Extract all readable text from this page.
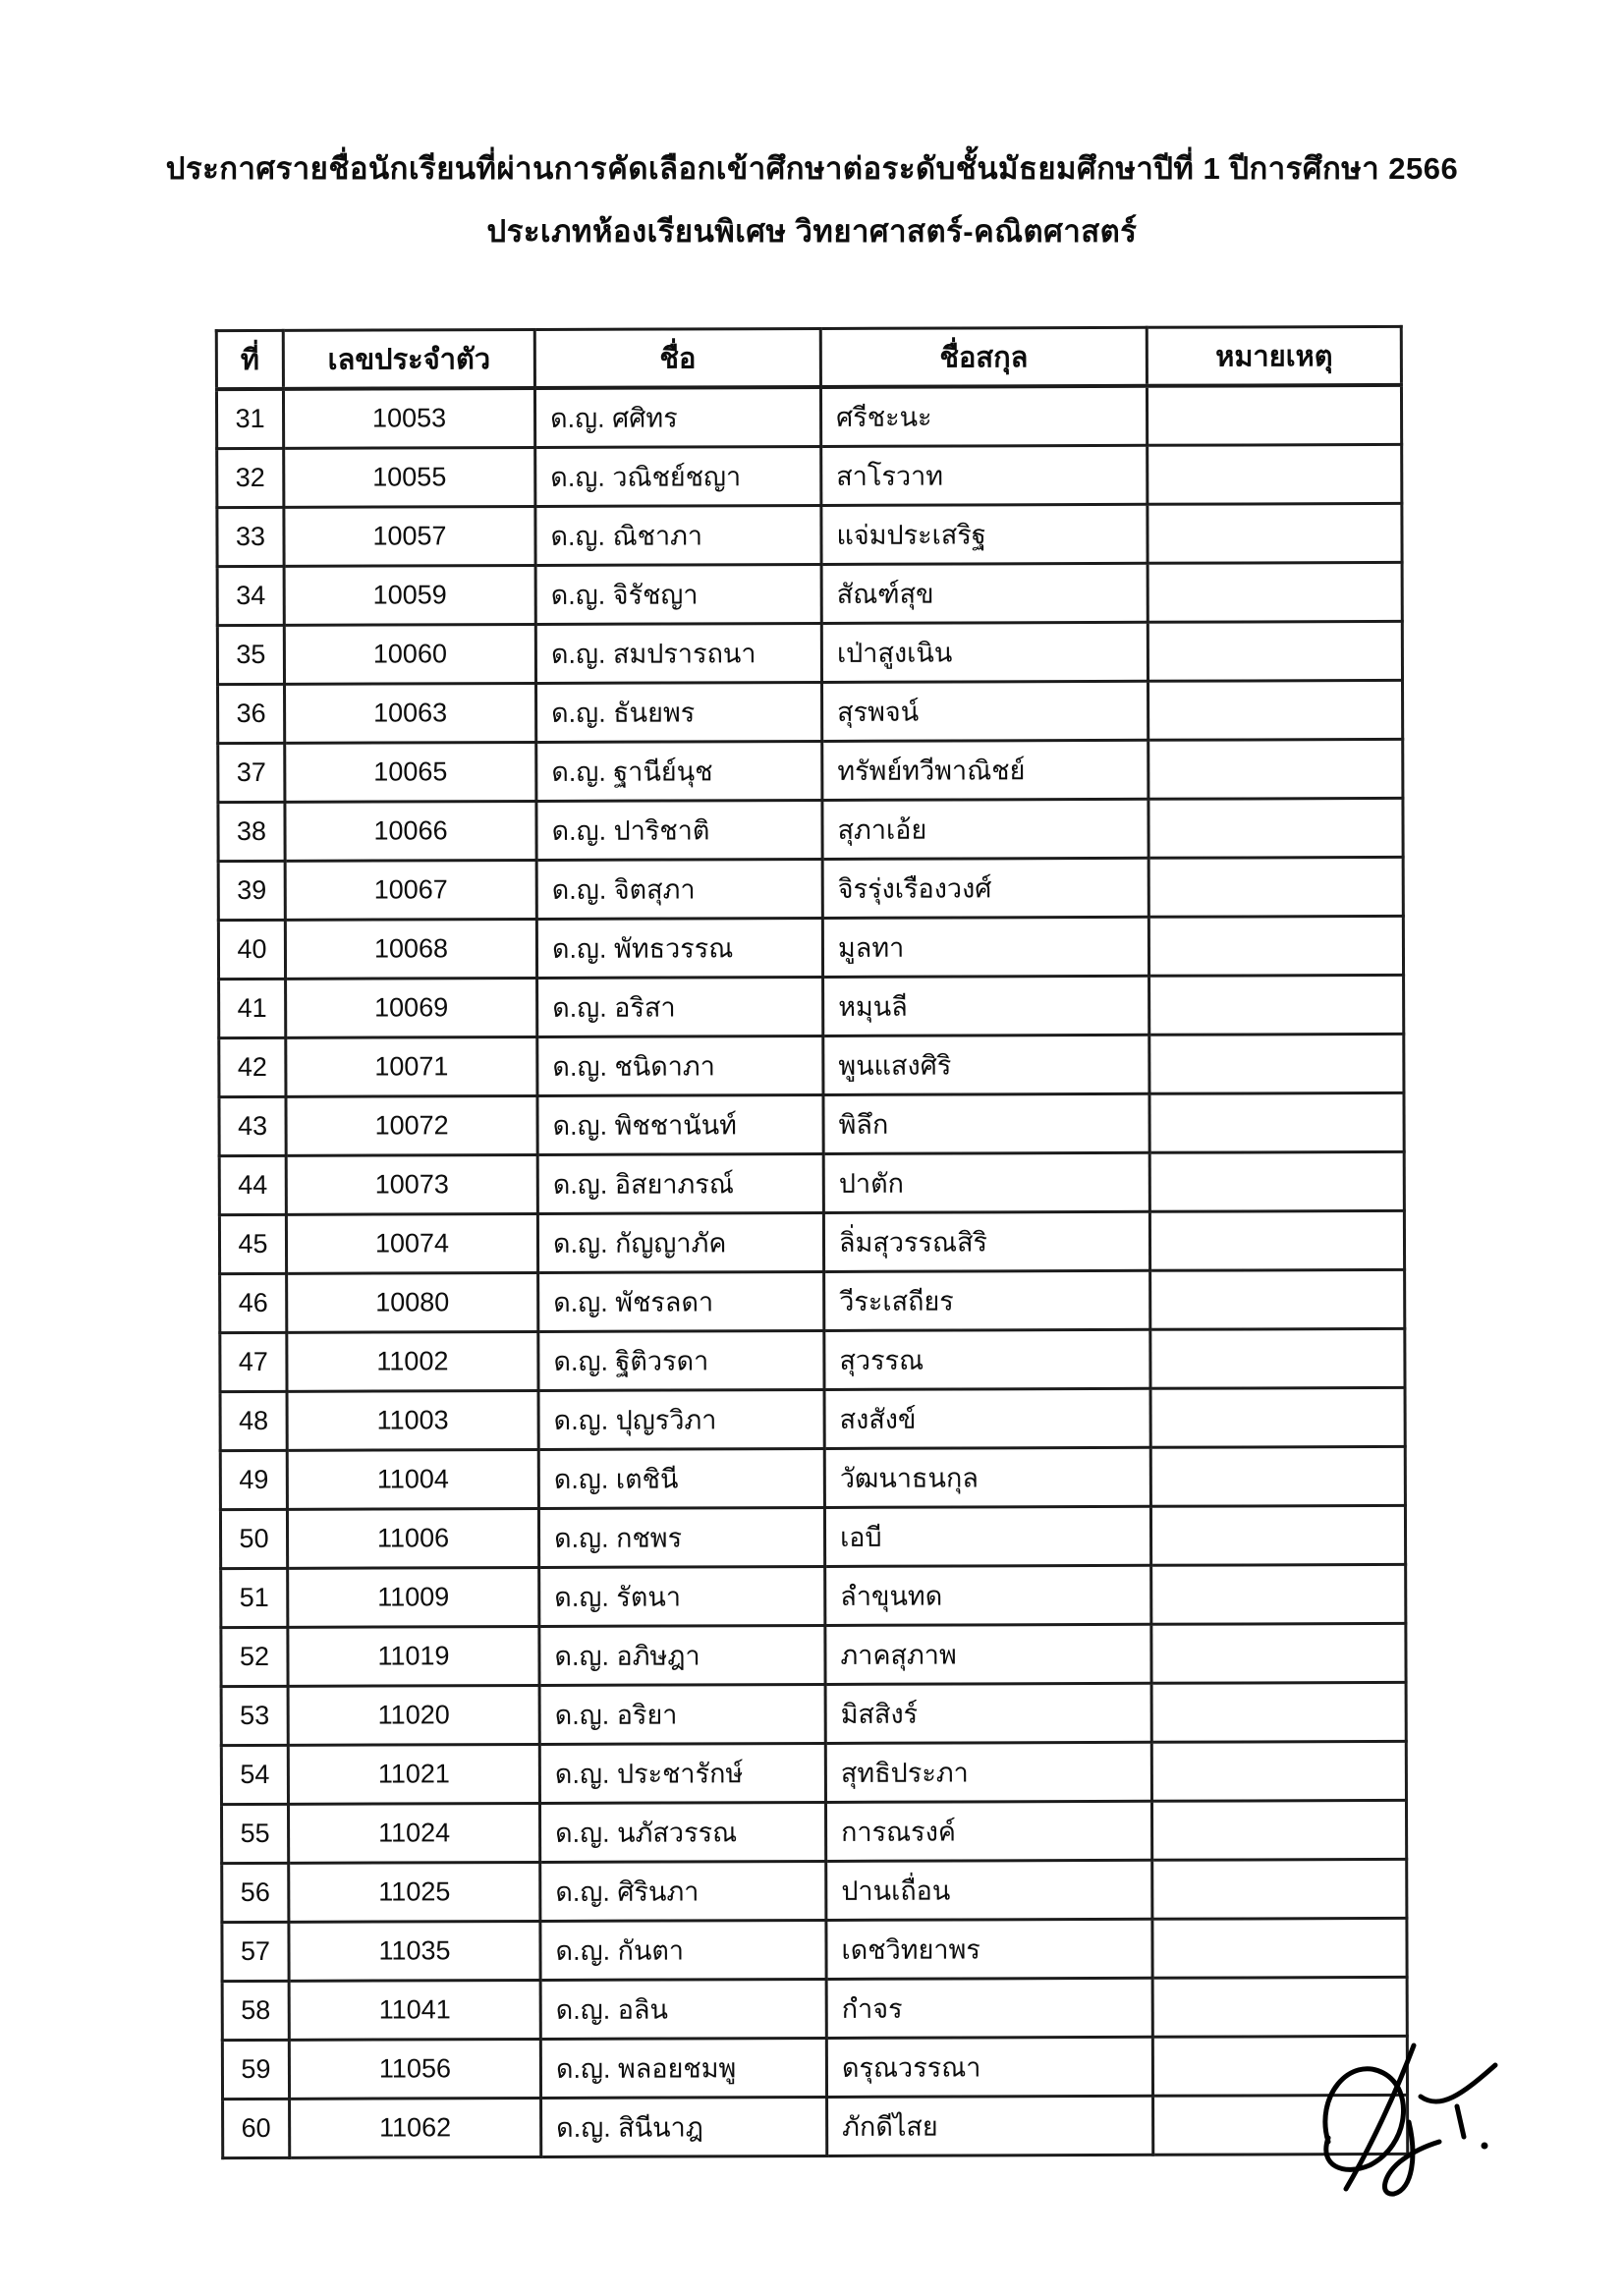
ประกาศรายชื่อนักเรียนที่ผ่านการคัดเลือกเข้าศึกษาต่อระดับชั้นมัธยมศึกษาปีที่ 1 ปีการศึกษา 2566
ประเภทห้องเรียนพิเศษ วิทยาศาสตร์-คณิตศาสตร์
ที่	เลขประจำตัว	ชื่อ	ชื่อสกุล	หมายเหตุ
31	10053	ด.ญ. ศศิทร	ศรีชะนะ	
32	10055	ด.ญ. วณิชย์ชญา	สาโรวาท	
33	10057	ด.ญ. ณิชาภา	แจ่มประเสริฐ	
34	10059	ด.ญ. จิรัชญา	สัณฑ์สุข	
35	10060	ด.ญ. สมปรารถนา	เป่าสูงเนิน	
36	10063	ด.ญ. ธันยพร	สุรพจน์	
37	10065	ด.ญ. ฐานีย์นุช	ทรัพย์ทวีพาณิชย์	
38	10066	ด.ญ. ปาริชาติ	สุภาเอ้ย	
39	10067	ด.ญ. จิตสุภา	จิรรุ่งเรืองวงศ์	
40	10068	ด.ญ. พัทธวรรณ	มูลทา	
41	10069	ด.ญ. อริสา	หมุนลี	
42	10071	ด.ญ. ชนิดาภา	พูนแสงศิริ	
43	10072	ด.ญ. พิชชานันท์	พิลึก	
44	10073	ด.ญ. อิสยาภรณ์	ปาตัก	
45	10074	ด.ญ. กัญญาภัค	ลิ่มสุวรรณสิริ	
46	10080	ด.ญ. พัชรลดา	วีระเสถียร	
47	11002	ด.ญ. ฐิติวรดา	สุวรรณ	
48	11003	ด.ญ. ปุญรวิภา	สงสังข์	
49	11004	ด.ญ. เตชินี	วัฒนาธนกุล	
50	11006	ด.ญ. กชพร	เอบี	
51	11009	ด.ญ. รัตนา	ลำขุนทด	
52	11019	ด.ญ. อภิษฎา	ภาคสุภาพ	
53	11020	ด.ญ. อริยา	มิสสิงร์	
54	11021	ด.ญ. ประชารักษ์	สุทธิประภา	
55	11024	ด.ญ. นภัสวรรณ	การณรงค์	
56	11025	ด.ญ. ศิรินภา	ปานเถื่อน	
57	11035	ด.ญ. กันตา	เดชวิทยาพร	
58	11041	ด.ญ. อลิน	กำจร	
59	11056	ด.ญ. พลอยชมพู	ดรุณวรรณา	
60	11062	ด.ญ. สินีนาฎ	ภักดีไสย	
